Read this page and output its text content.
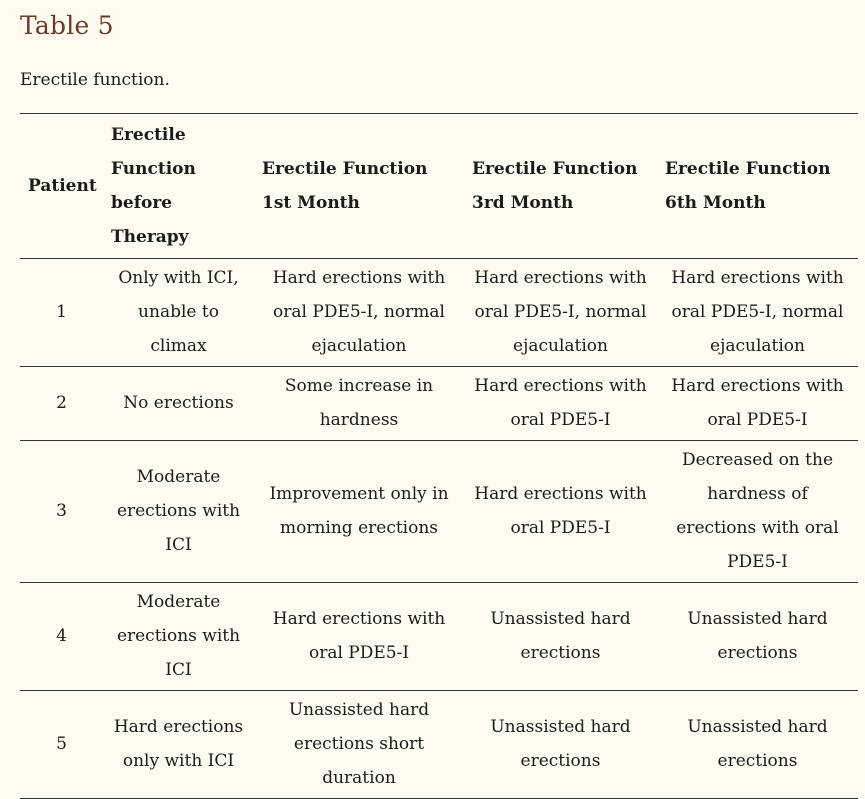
Table 5

Erectile function.

Patient	Erectile Function before Therapy	Erectile Function 1st Month	Erectile Function 3rd Month	Erectile Function 6th Month
1	Only with ICI, unable to climax	Hard erections with oral PDE5-I, normal ejaculation	Hard erections with oral PDE5-I, normal ejaculation	Hard erections with oral PDE5-I, normal ejaculation
2	No erections	Some increase in hardness	Hard erections with oral PDE5-I	Hard erections with oral PDE5-I
3	Moderate erections with ICI	Improvement only in morning erections	Hard erections with oral PDE5-I	Decreased on the hardness of erections with oral PDE5-I
4	Moderate erections with ICI	Hard erections with oral PDE5-I	Unassisted hard erections	Unassisted hard erections
5	Hard erections only with ICI	Unassisted hard erections short duration	Unassisted hard erections	Unassisted hard erections
